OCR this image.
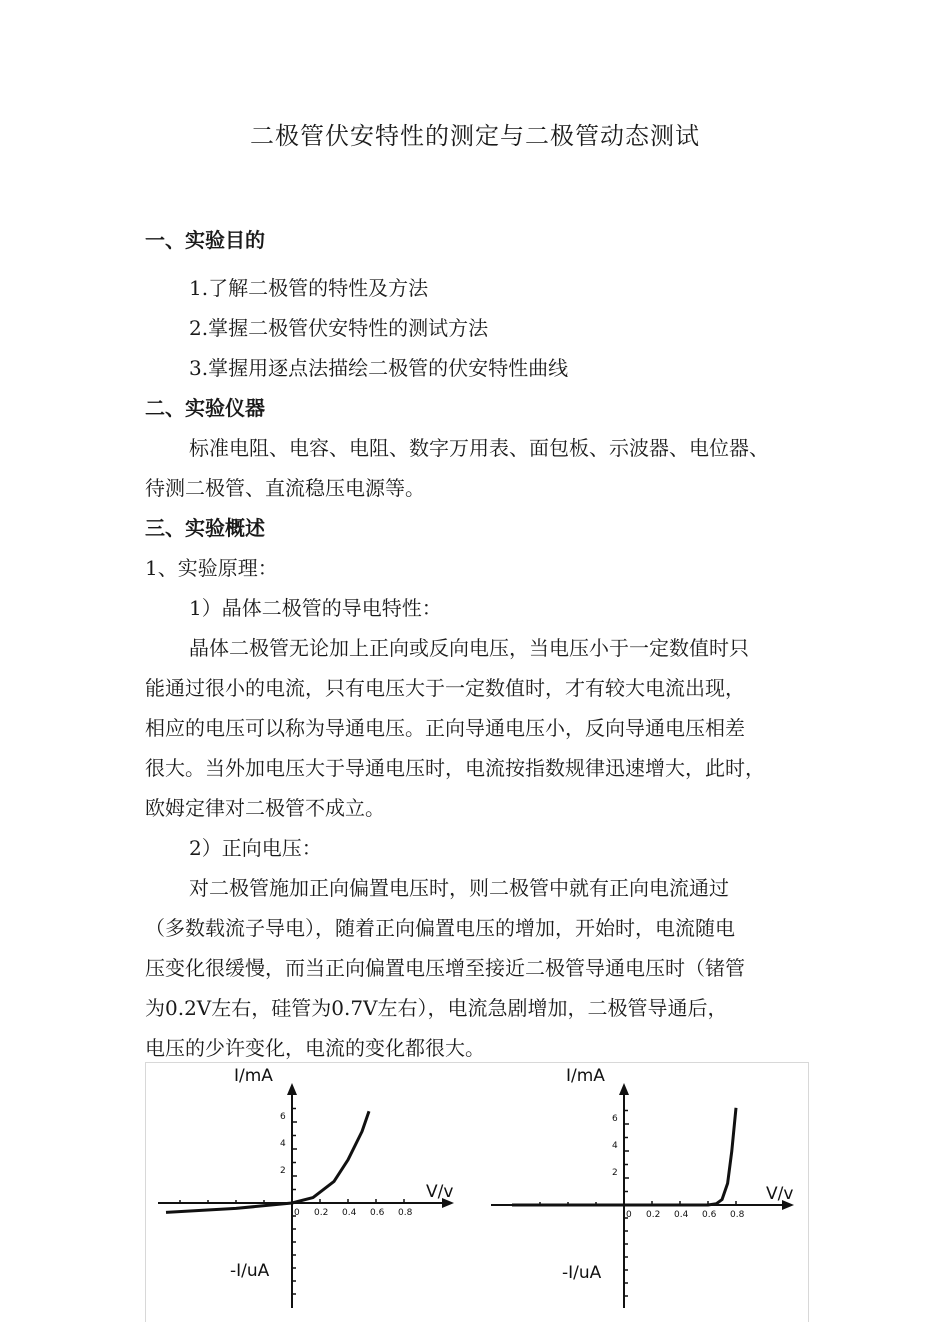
二极管伏安特性的测定与二极管动态测试
一、实验目的
1.了解二极管的特性及方法
2.掌握二极管伏安特性的测试方法
3.掌握用逐点法描绘二极管的伏安特性曲线
二、实验仪器
标准电阻、电容、电阻、数字万用表、面包板、示波器、电位器、
待测二极管、直流稳压电源等。
三、实验概述
1、实验原理：
1）晶体二极管的导电特性：
晶体二极管无论加上正向或反向电压，当电压小于一定数值时只
能通过很小的电流，只有电压大于一定数值时，才有较大电流出现，
相应的电压可以称为导通电压。正向导通电压小，反向导通电压相差
很大。当外加电压大于导通电压时，电流按指数规律迅速增大，此时，
欧姆定律对二极管不成立。
2）正向电压：
对二极管施加正向偏置电压时，则二极管中就有正向电流通过
（多数载流子导电），随着正向偏置电压的增加，开始时，电流随电
压变化很缓慢，而当正向偏置电压增至接近二极管导通电压时（锗管
为0.2V左右，硅管为0.7V左右），电流急剧增加，二极管导通后，
电压的少许变化，电流的变化都很大。
0 0.2 0.4 0.6 0.8
2
4
6
I/mA
V/v
-I/uA
0 0.2 0.4 0.6 0.8
2
4
6
I/mA
V/v
-I/uA
